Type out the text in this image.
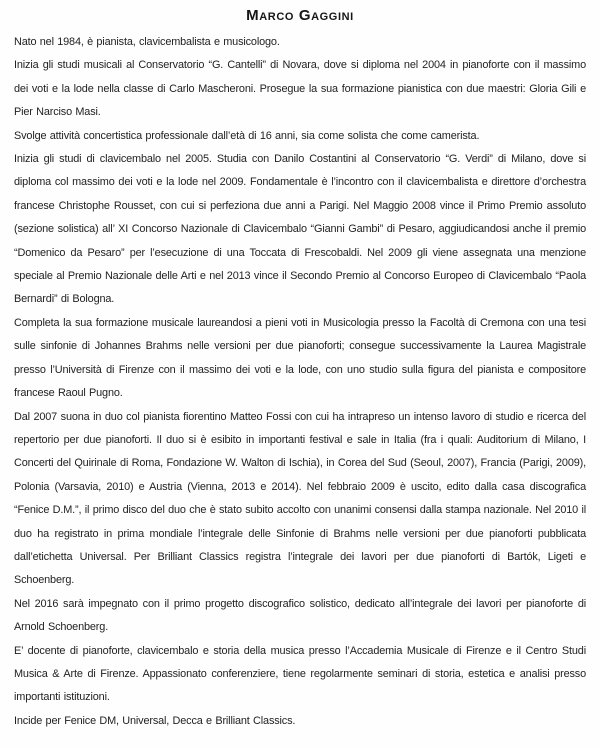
Marco Gaggini

Nato nel 1984, è pianista, clavicembalista e musicologo.

Inizia gli studi musicali al Conservatorio “G. Cantelli” di Novara, dove si diploma nel 2004 in pianoforte con il massimo dei voti e la lode nella classe di Carlo Mascheroni. Prosegue la sua formazione pianistica con due maestri: Gloria Gili e Pier Narciso Masi.

Svolge attività concertistica professionale dall’età di 16 anni, sia come solista che come camerista.

Inizia gli studi di clavicembalo nel 2005. Studia con Danilo Costantini al Conservatorio “G. Verdi” di Milano, dove si diploma col massimo dei voti e la lode nel 2009. Fondamentale è l’incontro con il clavicembalista e direttore d’orchestra francese Christophe Rousset, con cui si perfeziona due anni a Parigi. Nel Maggio 2008 vince il Primo Premio assoluto (sezione solistica) all’ XI Concorso Nazionale di Clavicembalo “Gianni Gambi” di Pesaro, aggiudicandosi anche il premio “Domenico da Pesaro” per l’esecuzione di una Toccata di Frescobaldi. Nel 2009 gli viene assegnata una menzione speciale al Premio Nazionale delle Arti e nel 2013 vince il Secondo Premio al Concorso Europeo di Clavicembalo “Paola Bernardi” di Bologna.

Completa la sua formazione musicale laureandosi a pieni voti in Musicologia presso la Facoltà di Cremona con una tesi sulle sinfonie di Johannes Brahms nelle versioni per due pianoforti; consegue successivamente la Laurea Magistrale presso l’Università di Firenze con il massimo dei voti e la lode, con uno studio sulla figura del pianista e compositore francese Raoul Pugno.

Dal 2007 suona in duo col pianista fiorentino Matteo Fossi con cui ha intrapreso un intenso lavoro di studio e ricerca del repertorio per due pianoforti. Il duo si è esibito in importanti festival e sale in Italia (fra i quali: Auditorium di Milano, I Concerti del Quirinale di Roma, Fondazione W. Walton di Ischia), in Corea del Sud (Seoul, 2007), Francia (Parigi, 2009), Polonia (Varsavia, 2010) e Austria (Vienna, 2013 e 2014). Nel febbraio 2009 è uscito, edito dalla casa discografica “Fenice D.M.”, il primo disco del duo che è stato subito accolto con unanimi consensi dalla stampa nazionale. Nel 2010 il duo ha registrato in prima mondiale l’integrale delle Sinfonie di Brahms nelle versioni per due pianoforti pubblicata dall’etichetta Universal. Per Brilliant Classics registra l’integrale dei lavori per due pianoforti di Bartók, Ligeti e Schoenberg.

Nel 2016 sarà impegnato con il primo progetto discografico solistico, dedicato all’integrale dei lavori per pianoforte di Arnold Schoenberg.

E’ docente di pianoforte, clavicembalo e storia della musica presso l’Accademia Musicale di Firenze e il Centro Studi Musica & Arte di Firenze. Appassionato conferenziere, tiene regolarmente seminari di storia, estetica e analisi presso importanti istituzioni.

Incide per Fenice DM, Universal, Decca e Brilliant Classics.
